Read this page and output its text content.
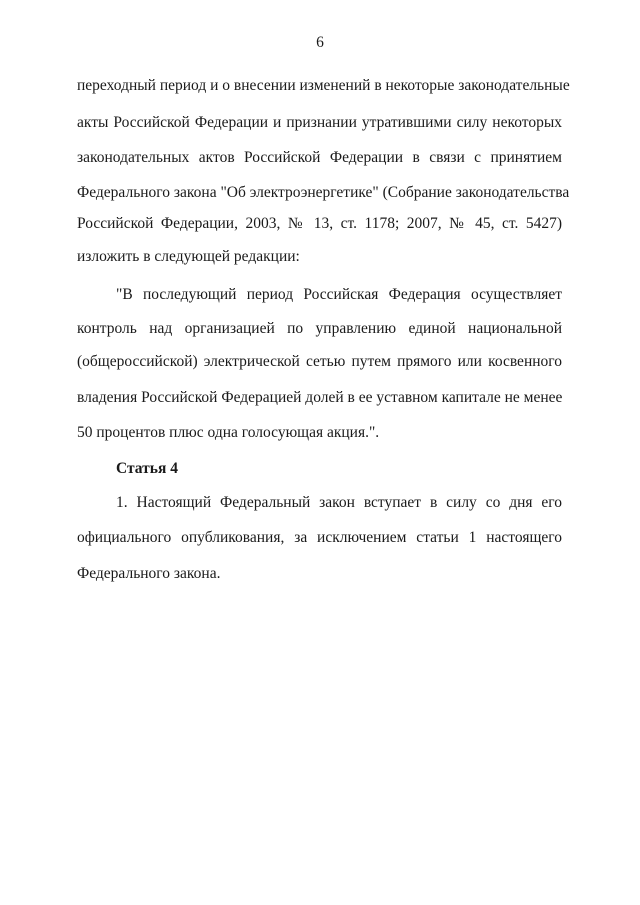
6
переходный период и о внесении изменений в некоторые законодательные
акты Российской Федерации и признании утратившими силу некоторых
законодательных актов Российской Федерации в связи с принятием
Федерального закона "Об электроэнергетике" (Собрание законодательства
Российской Федерации, 2003, № 13, ст. 1178; 2007, № 45, ст. 5427)
изложить в следующей редакции:
"В последующий период Российская Федерация осуществляет
контроль над организацией по управлению единой национальной
(общероссийской) электрической сетью путем прямого или косвенного
владения Российской Федерацией долей в ее уставном капитале не менее
50 процентов плюс одна голосующая акция.".
Статья 4
1. Настоящий Федеральный закон вступает в силу со дня его
официального опубликования, за исключением статьи 1 настоящего
Федерального закона.
